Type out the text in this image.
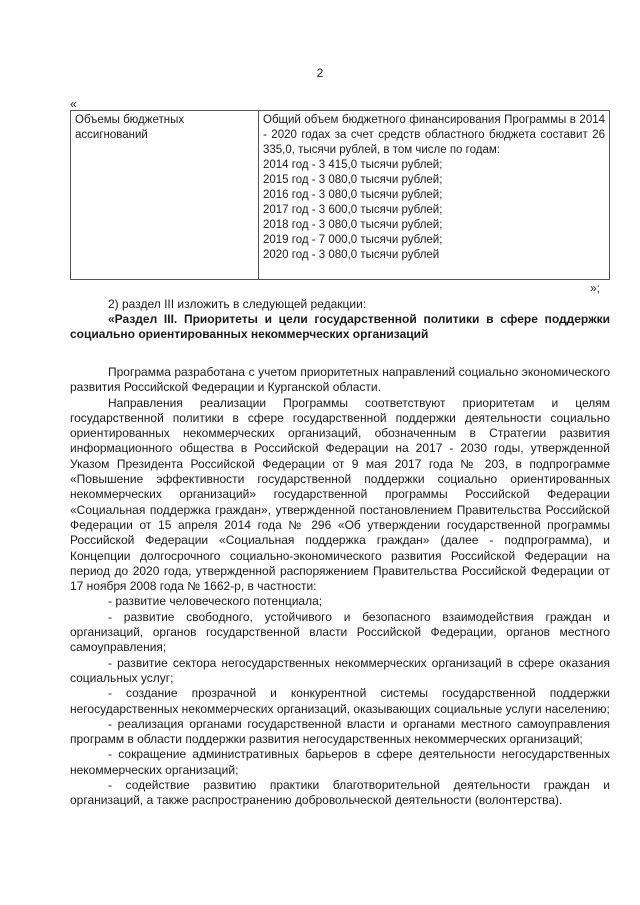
2
«
Объемы бюджетных ассигнований
Общий объем бюджетного финансирования Программы в 2014 - 2020 годах за счет средств областного бюджета составит 26 335,0, тысячи рублей, в том числе по годам:
2014 год - 3 415,0 тысячи рублей;
2015 год - 3 080,0 тысячи рублей;
2016 год - 3 080,0 тысячи рублей;
2017 год - 3 600,0 тысячи рублей;
2018 год - 3 080,0 тысячи рублей;
2019 год - 7 000,0 тысячи рублей;
2020 год - 3 080,0 тысячи рублей
»;
2) раздел III изложить в следующей редакции:
«Раздел III. Приоритеты и цели государственной политики в сфере поддержки социально ориентированных некоммерческих организаций

Программа разработана с учетом приоритетных направлений социально экономического развития Российской Федерации и Курганской области.

Направления реализации Программы соответствуют приоритетам и целям государственной политики в сфере государственной поддержки деятельности социально ориентированных некоммерческих организаций, обозначенным в Стратегии развития информационного общества в Российской Федерации на 2017 - 2030 годы, утвержденной Указом Президента Российской Федерации от 9 мая 2017 года № 203, в подпрограмме «Повышение эффективности государственной поддержки социально ориентированных некоммерческих организаций» государственной программы Российской Федерации «Социальная поддержка граждан», утвержденной постановлением Правительства Российской Федерации от 15 апреля 2014 года № 296 «Об утверждении государственной программы Российской Федерации «Социальная поддержка граждан» (далее - подпрограмма), и Концепции долгосрочного социально-экономического развития Российской Федерации на период до 2020 года, утвержденной распоряжением Правительства Российской Федерации от 17 ноября 2008 года № 1662-р, в частности:

- развитие человеческого потенциала;

- развитие свободного, устойчивого и безопасного взаимодействия граждан и организаций, органов государственной власти Российской Федерации, органов местного самоуправления;

- развитие сектора негосударственных некоммерческих организаций в сфере оказания социальных услуг;

- создание прозрачной и конкурентной системы государственной поддержки негосударственных некоммерческих организаций, оказывающих социальные услуги населению;

- реализация органами государственной власти и органами местного самоуправления программ в области поддержки развития негосударственных некоммерческих организаций;

- сокращение административных барьеров в сфере деятельности негосударственных некоммерческих организаций;

- содействие развитию практики благотворительной деятельности граждан и организаций, а также распространению добровольческой деятельности (волонтерства).
